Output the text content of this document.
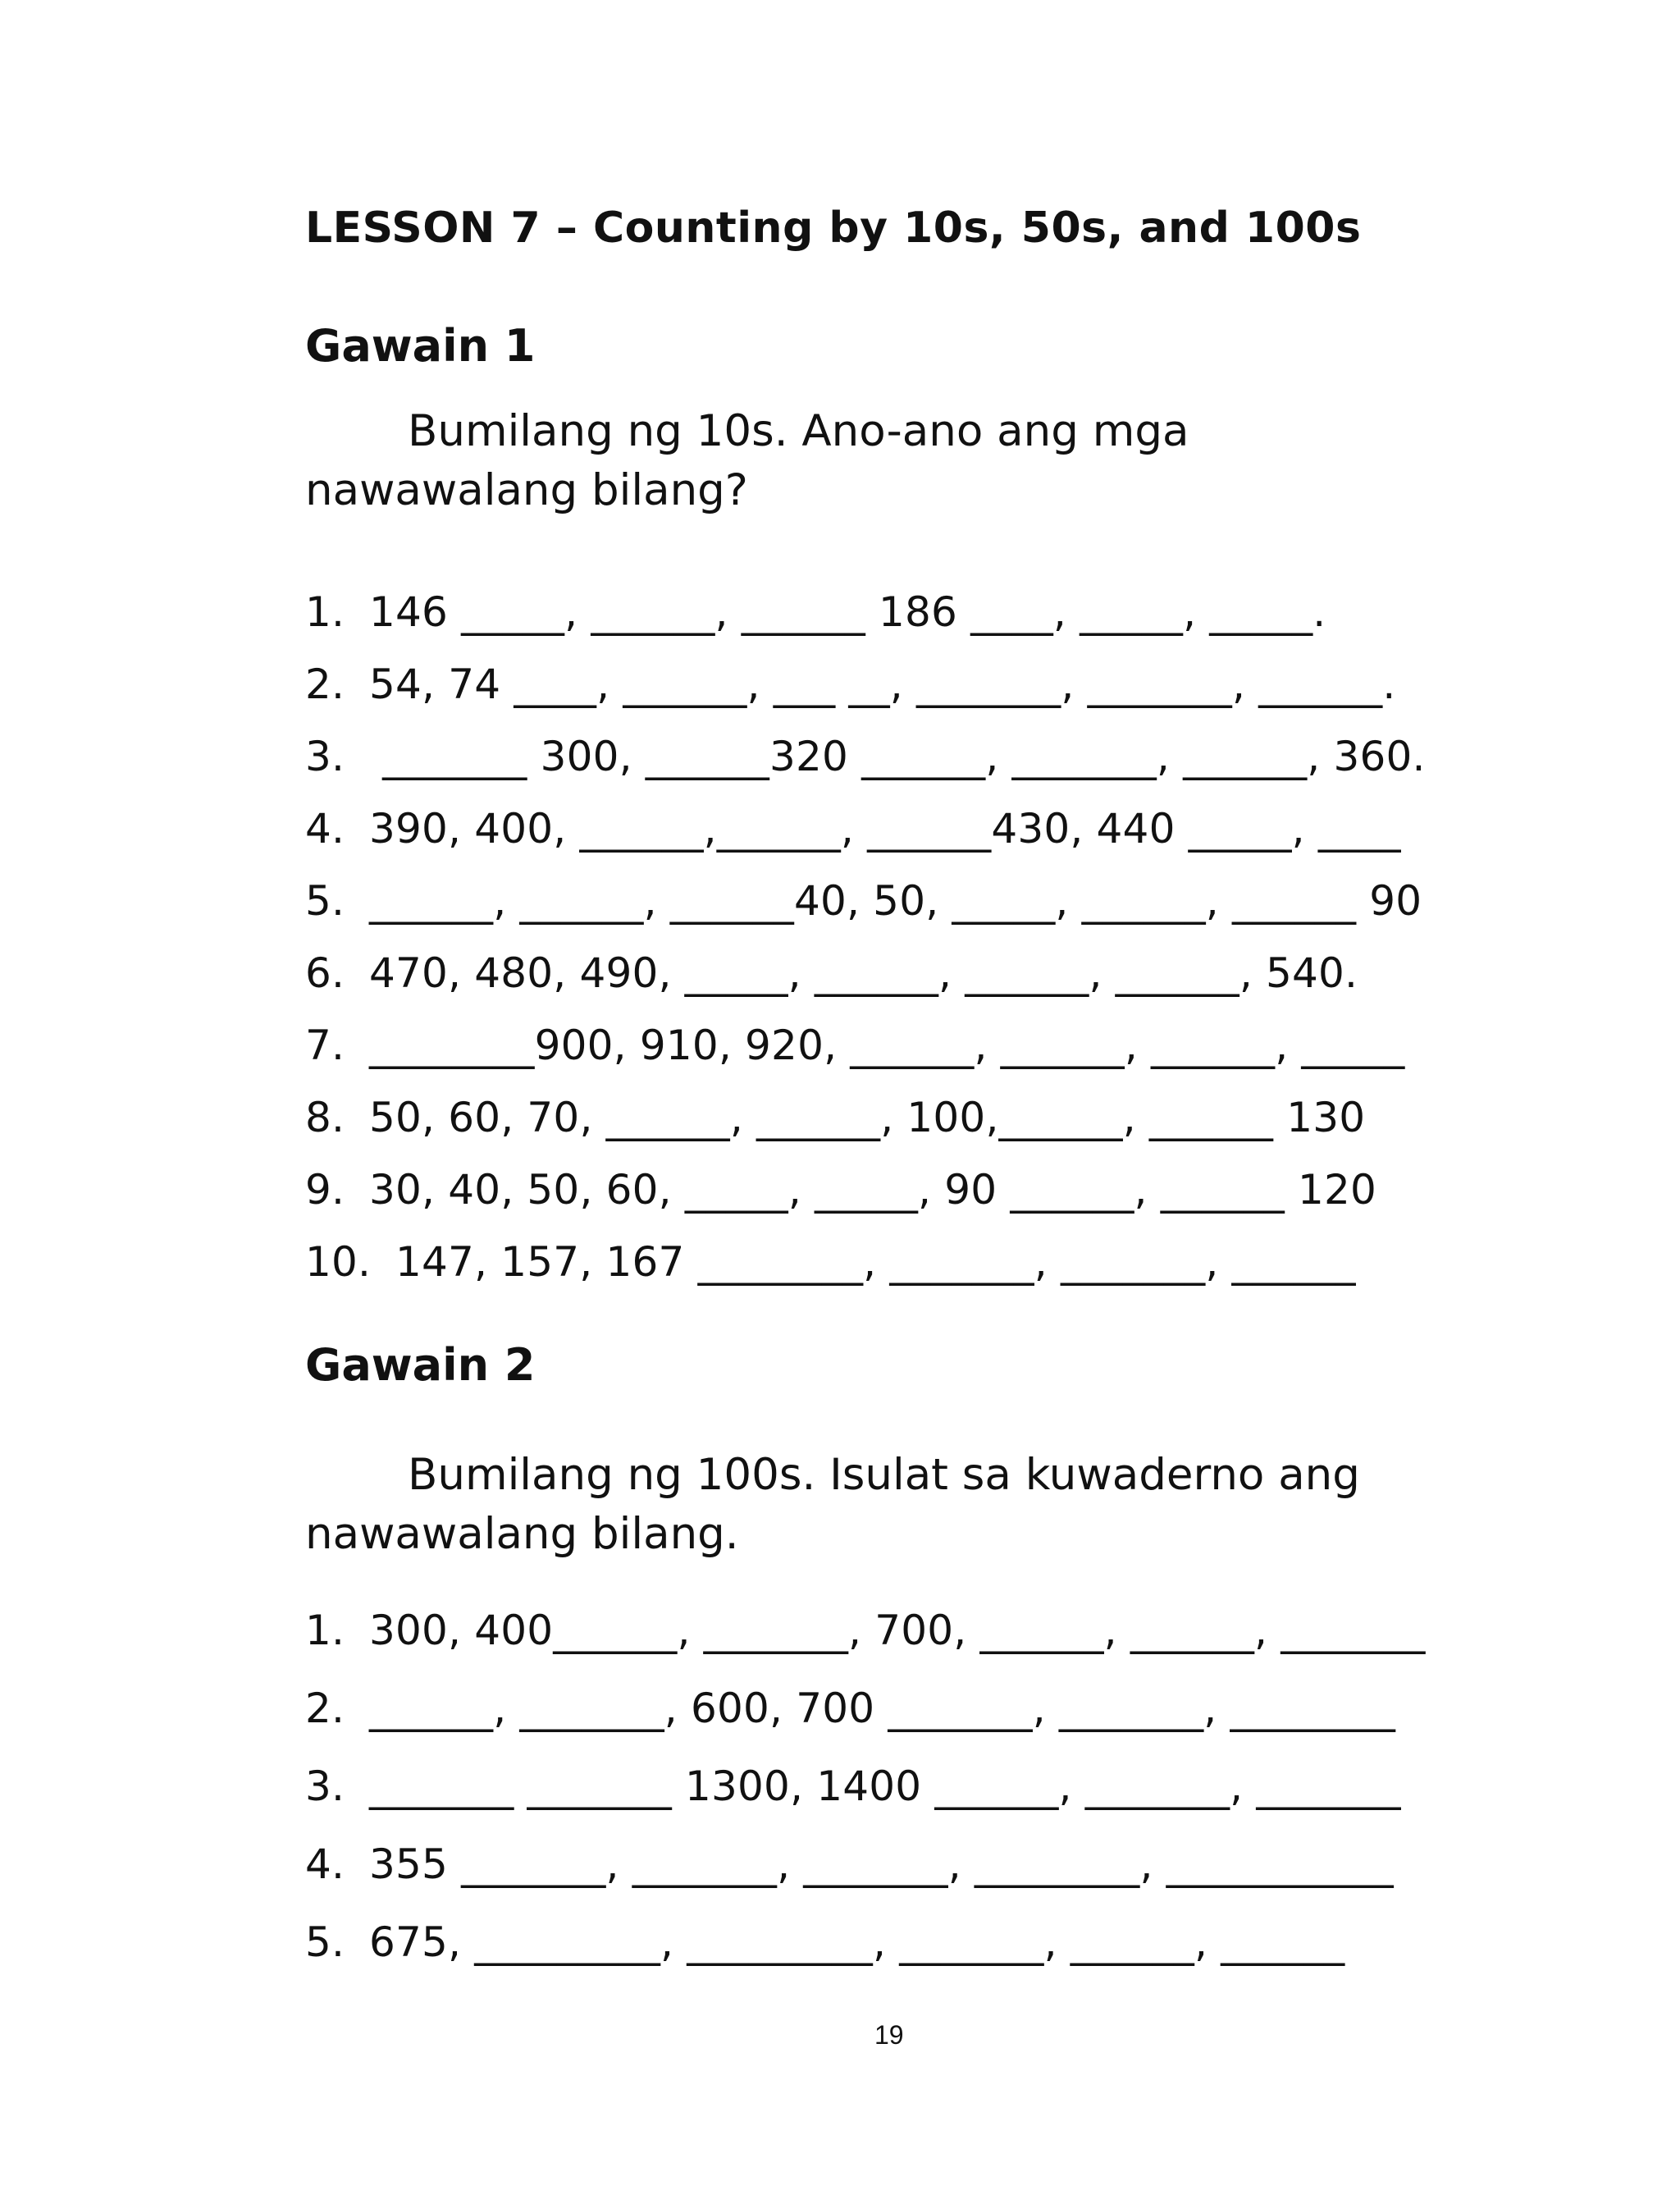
LESSON 7 – Counting by 10s, 50s, and 100s
Gawain 1

Bumilang ng 10s. Ano-ano ang mga
nawawalang bilang?

1. 146 _____, ______, ______ 186 ____, _____, _____.
2. 54, 74 ____, ______, ___ __, _______, _______, ______.
3. _______ 300, ______320 ______, _______, ______, 360.
4. 390, 400, ______,______, ______430, 440 _____, ____
5. ______, ______, ______40, 50, _____, ______, ______ 90
6. 470, 480, 490, _____, ______, ______, ______, 540.
7. ________900, 910, 920, ______, ______, ______, _____
8. 50, 60, 70, ______, ______, 100,______, ______ 130
9. 30, 40, 50, 60, _____, _____, 90 ______, ______ 120
10. 147, 157, 167 ________, _______, _______, ______
Gawain 2

Bumilang ng 100s. Isulat sa kuwaderno ang
nawawalang bilang.

1. 300, 400______, _______, 700, ______, ______, _______
2. ______, _______, 600, 700 _______, _______, ________
3. _______ _______ 1300, 1400 ______, _______, _______
4. 355 _______, _______, _______, ________, ___________
5. 675, _________, _________, _______, ______, ______
19
